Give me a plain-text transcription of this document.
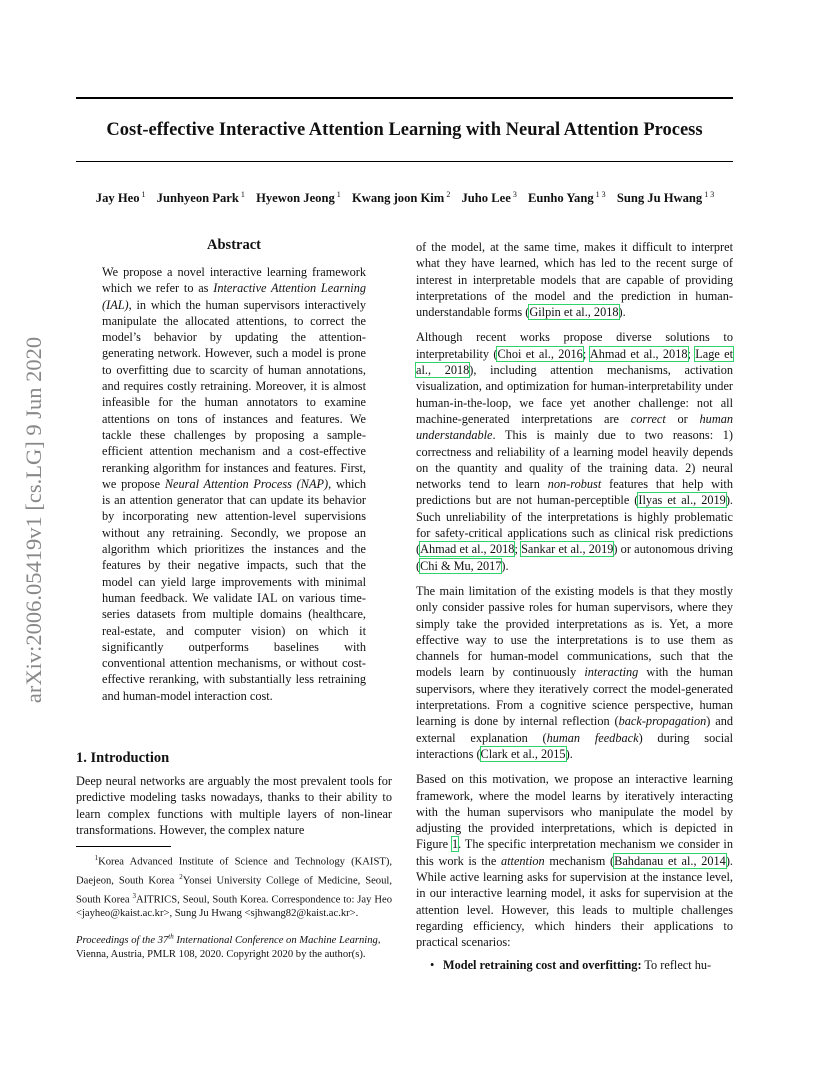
Cost-effective Interactive Attention Learning with Neural Attention Process
Jay Heo $^1$ Junhyeon Park $^1$ Hyewon Jeong $^1$ Kwang joon Kim $^2$ Juho Lee $^3$ Eunho Yang $^{1 3}$ Sung Ju Hwang $^{1 3}$
arXiv:2006.05419v1 [cs.LG] 9 Jun 2020
Abstract
We propose a novel interactive learning framework which we refer to as Interactive Attention Learning (IAL), in which the human supervisors interactively manipulate the allocated attentions, to correct the model’s behavior by updating the attention-generating network. However, such a model is prone to overfitting due to scarcity of human annotations, and requires costly retraining. Moreover, it is almost infeasible for the human annotators to examine attentions on tons of instances and features. We tackle these challenges by proposing a sample-efficient attention mechanism and a cost-effective reranking algorithm for instances and features. First, we propose Neural Attention Process (NAP), which is an attention generator that can update its behavior by incorporating new attention-level supervisions without any retraining. Secondly, we propose an algorithm which prioritizes the instances and the features by their negative impacts, such that the model can yield large improvements with minimal human feedback. We validate IAL on various time-series datasets from multiple domains (healthcare, real-estate, and computer vision) on which it significantly outperforms baselines with conventional attention mechanisms, or without cost-effective reranking, with substantially less retraining and human-model interaction cost.
1. Introduction
Deep neural networks are arguably the most prevalent tools for predictive modeling tasks nowadays, thanks to their ability to learn complex functions with multiple layers of non-linear transformations. However, the complex nature
$^1$Korea Advanced Institute of Science and Technology (KAIST), Daejeon, South Korea $^2$Yonsei University College of Medicine, Seoul, South Korea $^3$AITRICS, Seoul, South Korea. Correspondence to: Jay Heo <jayheo@kaist.ac.kr>, Sung Ju Hwang <sjhwang82@kaist.ac.kr>.
Proceedings of the 37th International Conference on Machine Learning, Vienna, Austria, PMLR 108, 2020. Copyright 2020 by the author(s).

of the model, at the same time, makes it difficult to interpret what they have learned, which has led to the recent surge of interest in interpretable models that are capable of providing interpretations of the model and the prediction in human-understandable forms (Gilpin et al., 2018).

Although recent works propose diverse solutions to interpretability (Choi et al., 2016; Ahmad et al., 2018; Lage et al., 2018), including attention mechanisms, activation visualization, and optimization for human-interpretability under human-in-the-loop, we face yet another challenge: not all machine-generated interpretations are correct or human understandable. This is mainly due to two reasons: 1) correctness and reliability of a learning model heavily depends on the quantity and quality of the training data. 2) neural networks tend to learn non-robust features that help with predictions but are not human-perceptible (Ilyas et al., 2019). Such unreliability of the interpretations is highly problematic for safety-critical applications such as clinical risk predictions (Ahmad et al., 2018; Sankar et al., 2019) or autonomous driving (Chi & Mu, 2017).

The main limitation of the existing models is that they mostly only consider passive roles for human supervisors, where they simply take the provided interpretations as is. Yet, a more effective way to use the interpretations is to use them as channels for human-model communications, such that the models learn by continuously interacting with the human supervisors, where they iteratively correct the model-generated interpretations. From a cognitive science perspective, human learning is done by internal reflection (back-propagation) and external explanation (human feedback) during social interactions (Clark et al., 2015).

Based on this motivation, we propose an interactive learning framework, where the model learns by iteratively interacting with the human supervisors who manipulate the model by adjusting the provided interpretations, which is depicted in Figure 1. The specific interpretation mechanism we consider in this work is the attention mechanism (Bahdanau et al., 2014). While active learning asks for supervision at the instance level, in our interactive learning model, it asks for supervision at the attention level. However, this leads to multiple challenges regarding efficiency, which hinders their applications to practical scenarios:

• Model retraining cost and overfitting: To reflect hu-
